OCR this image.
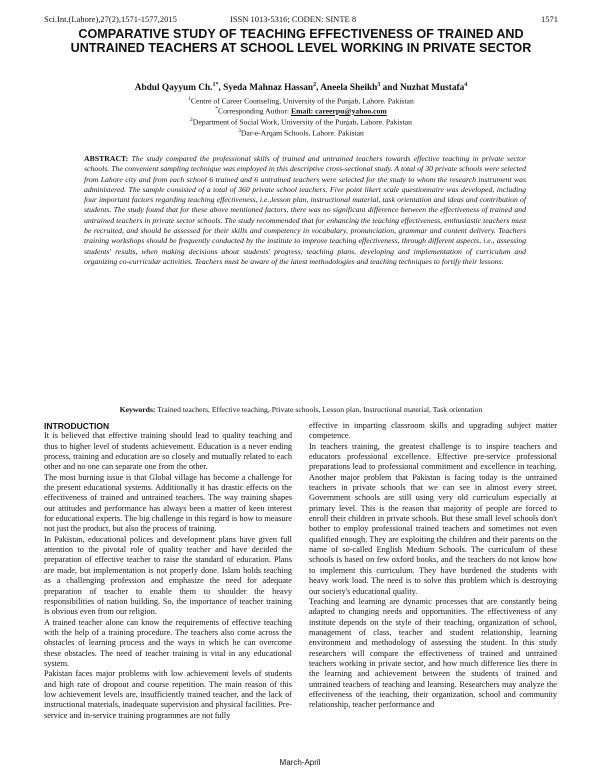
Sci.Int.(Lahore),27(2),1571-1577,2015	ISSN 1013-5316; CODEN: SINTE 8	1571
COMPARATIVE STUDY OF TEACHING EFFECTIVENESS OF TRAINED AND UNTRAINED TEACHERS AT SCHOOL LEVEL WORKING IN PRIVATE SECTOR

Abdul Qayyum Ch.$^{1*}$, Syeda Mahnaz Hassan$^2$, Aneela Sheikh$^3$ and Nuzhat Mustafa$^4$

$^1$Centre of Career Counseling, University of the Punjab, Lahore. Pakistan

*Corresponding Author: Email: careerpu@yahoo.com

$^2$Department of Social Work, University of the Punjab, Lahore. Pakistan

$^3$Dar-e-Arqam Schools, Lahore. Pakistan

ABSTRACT: The study compared the professional skills of trained and untrained teachers towards effective teaching in private sector schools. The convenient sampling technique was employed in this descriptive cross-sectional study. A total of 30 private schools were selected from Lahore city and from each school 6 trained and 6 untrained teachers were selected for the study to whom the research instrument was administered. The sample consisted of a total of 360 private school teachers. Five point likert scale questionnaire was developed, including four important factors regarding teaching effectiveness, i.e.,lesson plan, instructional material, task orientation and ideas and contribution of students. The study found that for these above mentioned factors, there was no significant difference between the effectiveness of trained and untrained teachers in private sector schools. The study recommended that for enhancing the teaching effectiveness, enthusiastic teachers must be recruited, and should be assessed for their skills and competency in vocabulary, pronunciation, grammar and content delivery. Teachers training workshops should be frequently conducted by the institute to improve teaching effectiveness, through different aspects, i.e., assessing students' results, when making decisions about students' progress, teaching plans, developing and implementation of curriculum and organizing co-curricular activities. Teachers must be aware of the latest methodologies and teaching techniques to fortify their lessons.

Keywords: Trained teachers, Effective teaching, Private schools, Lesson plan, Instructional material, Task orientation

INTRODUCTION

It is believed that effective training should lead to quality teaching and thus to higher level of students achievement. Education is a never ending process, training and education are so closely and mutually related to each other and no one can separate one from the other.

The most burning issue is that Global village has become a challenge for the present educational systems. Additionally it has drastic effects on the effectiveness of trained and untrained teachers. The way training shapes our attitudes and performance has always been a matter of keen interest for educational experts. The big challenge in this regard is how to measure not just the product, but also the process of training.

In Pakistan, educational polices and development plans have given full attention to the pivotal role of quality teacher and have decided the preparation of effective teacher to raise the standard of education. Plans are made, but implementation is not properly done. Islam holds teaching as a challenging profession and emphasize the need for adequate preparation of teacher to enable them to shoulder the heavy responsibilities of nation building. So, the importance of teacher training is obvious even from our religion.

A trained teacher alone can know the requirements of effective teaching with the help of a training procedure. The teachers also come across the obstacles of learning process and the ways in which he can overcome these obstacles. The need of teacher training is vital in any educational system.

Pakistan faces major problems with low achievement levels of students and high rate of dropout and course repetition. The main reason of this low achievement levels are, insufficiently trained teacher, and the lack of instructional materials, inadequate supervision and physical facilities. Pre-service and in-service training programmes are not fully

effective in imparting classroom skills and upgrading subject matter competence.

In teachers training, the greatest challenge is to inspire teachers and educators professional excellence. Effective pre-service professional preparations lead to professional commitment and excellence in teaching. Another major problem that Pakistan is facing today is the untrained teachers in private schools that we can see in almost every street. Government schools are still using very old curriculum especially at primary level. This is the reason that majority of people are forced to enroll their children in private schools. But these small level schools don't bother to employ professional trained teachers and sometimes not even qualified enough. They are exploiting the children and their parents on the name of so-called English Medium Schools. The curriculum of these schools is based on few oxford books, and the teachers do not know how to implement this curriculum. They have burdened the students with heavy work load. The need is to solve this problem which is destroying our society's educational quality.

Teaching and learning are dynamic processes that are constantly being adapted to changing needs and opportunities. The effectiveness of any institute depends on the style of their teaching, organization of school, management of class, teacher and student relationship, learning environment and methodology of assessing the student. In this study researchers will compare the effectiveness of trained and untrained teachers working in private sector, and how much difference lies there in the learning and achievement between the students of trained and untrained teachers of teaching and learning. Researchers may analyze the effectiveness of the teaching, their organization, school and community relationship, teacher performance and

March-April
